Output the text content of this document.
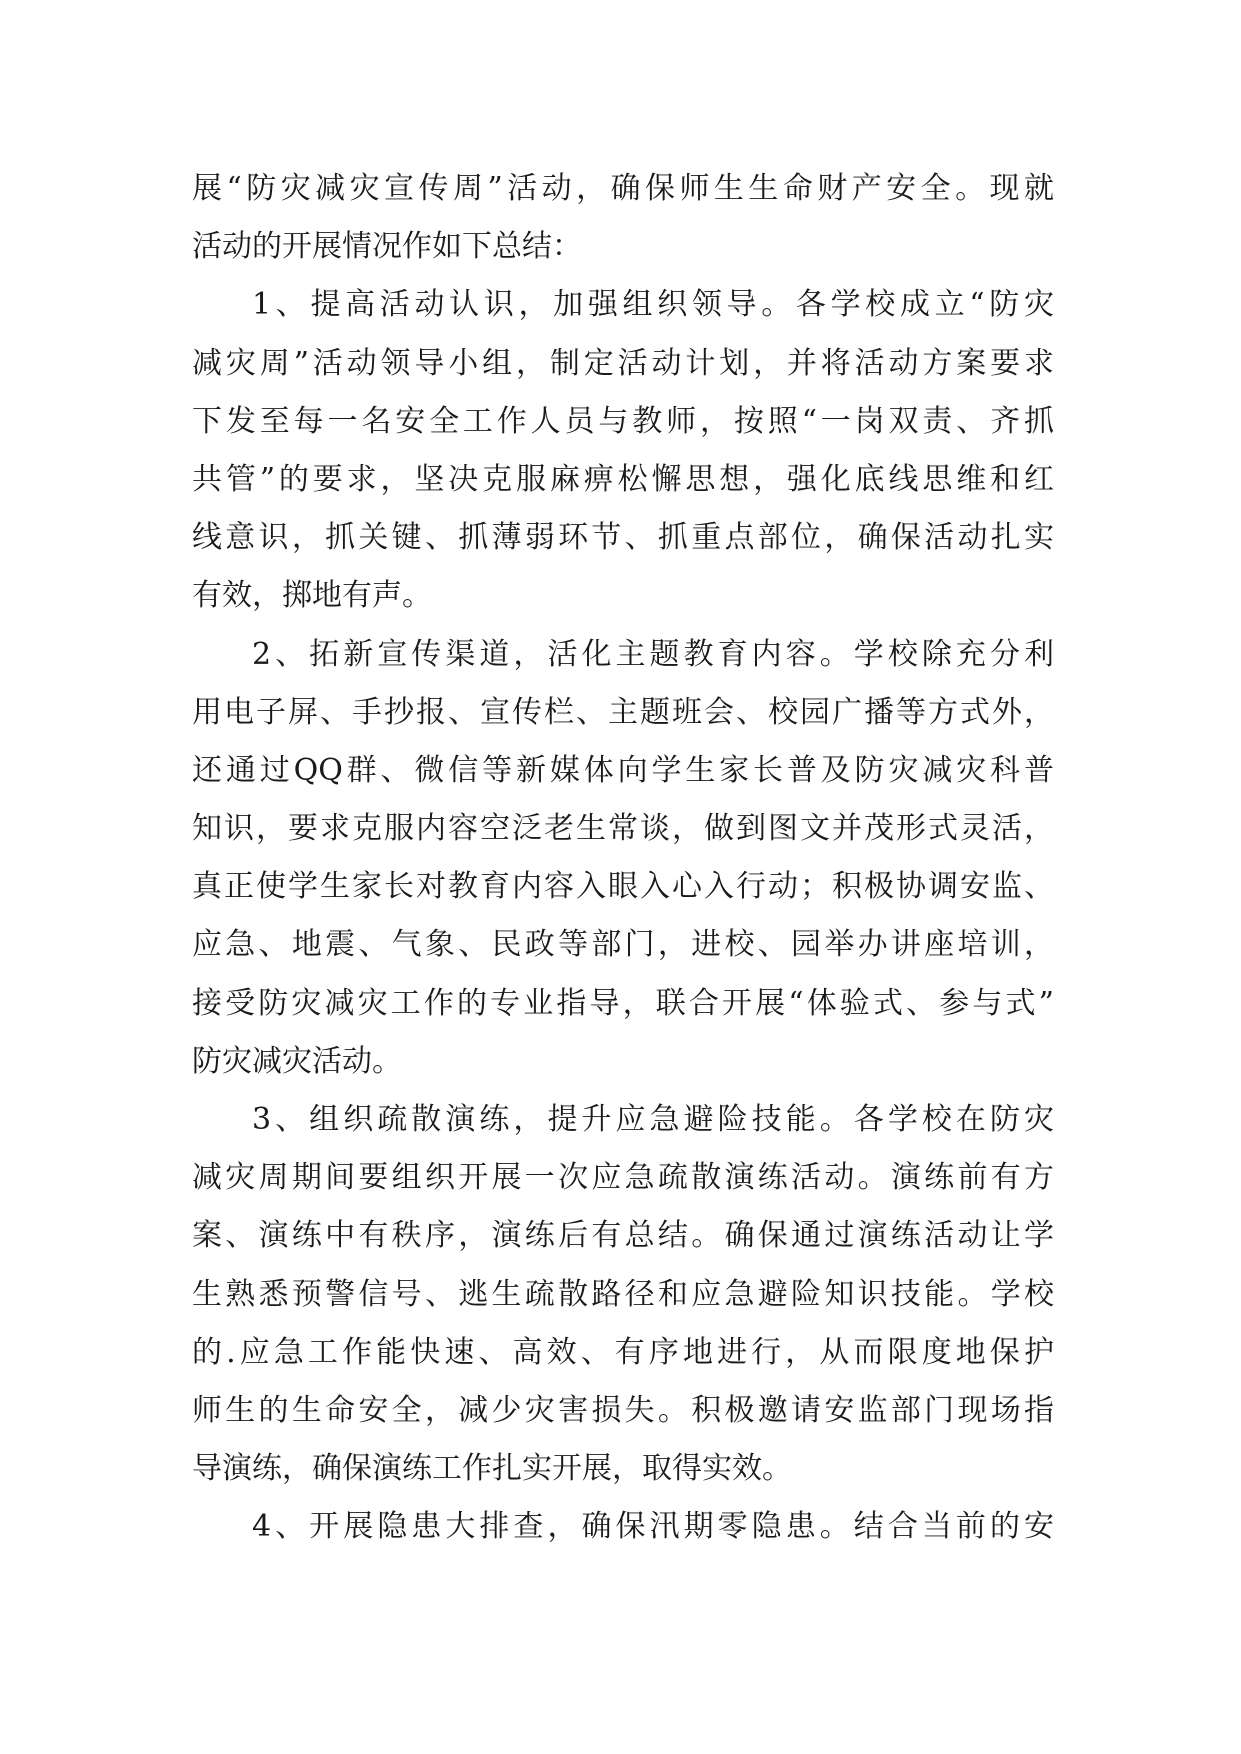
展“防灾减灾宣传周”活动，确保师生生命财产安全。现就
活动的开展情况作如下总结：
1、提高活动认识，加强组织领导。各学校成立“防灾
减灾周”活动领导小组，制定活动计划，并将活动方案要求
下发至每一名安全工作人员与教师，按照“一岗双责、齐抓
共管”的要求，坚决克服麻痹松懈思想，强化底线思维和红
线意识，抓关键、抓薄弱环节、抓重点部位，确保活动扎实
有效，掷地有声。
2、拓新宣传渠道，活化主题教育内容。学校除充分利
用电子屏、手抄报、宣传栏、主题班会、校园广播等方式外，
还通过QQ群、微信等新媒体向学生家长普及防灾减灾科普
知识，要求克服内容空泛老生常谈，做到图文并茂形式灵活，
真正使学生家长对教育内容入眼入心入行动；积极协调安监、
应急、地震、气象、民政等部门，进校、园举办讲座培训，
接受防灾减灾工作的专业指导，联合开展“体验式、参与式”
防灾减灾活动。
3、组织疏散演练，提升应急避险技能。各学校在防灾
减灾周期间要组织开展一次应急疏散演练活动。演练前有方
案、演练中有秩序，演练后有总结。确保通过演练活动让学
生熟悉预警信号、逃生疏散路径和应急避险知识技能。学校
的.应急工作能快速、高效、有序地进行，从而限度地保护
师生的生命安全，减少灾害损失。积极邀请安监部门现场指
导演练，确保演练工作扎实开展，取得实效。
4、开展隐患大排查，确保汛期零隐患。结合当前的安
